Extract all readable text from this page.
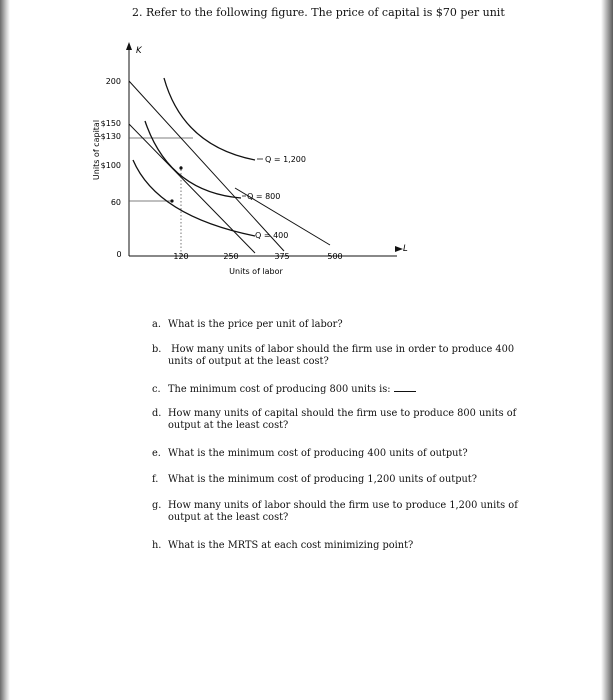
2. Refer to the following figure. The price of capital is $70 per unit
K
L
200
$150
$130
$100
60
0
Units of capital
120	250	375	500
Units of labor
Q = 1,200
Q = 800
Q = 400
a. What is the price per unit of labor?
b. How many units of labor should the firm use in order to produce 400
units of output at the least cost?
c. The minimum cost of producing 800 units is:
d. How many units of capital should the firm use to produce 800 units of
output at the least cost?
e. What is the minimum cost of producing 400 units of output?
f. What is the minimum cost of producing 1,200 units of output?
g. How many units of labor should the firm use to produce 1,200 units of
output at the least cost?
h. What is the MRTS at each cost minimizing point?
